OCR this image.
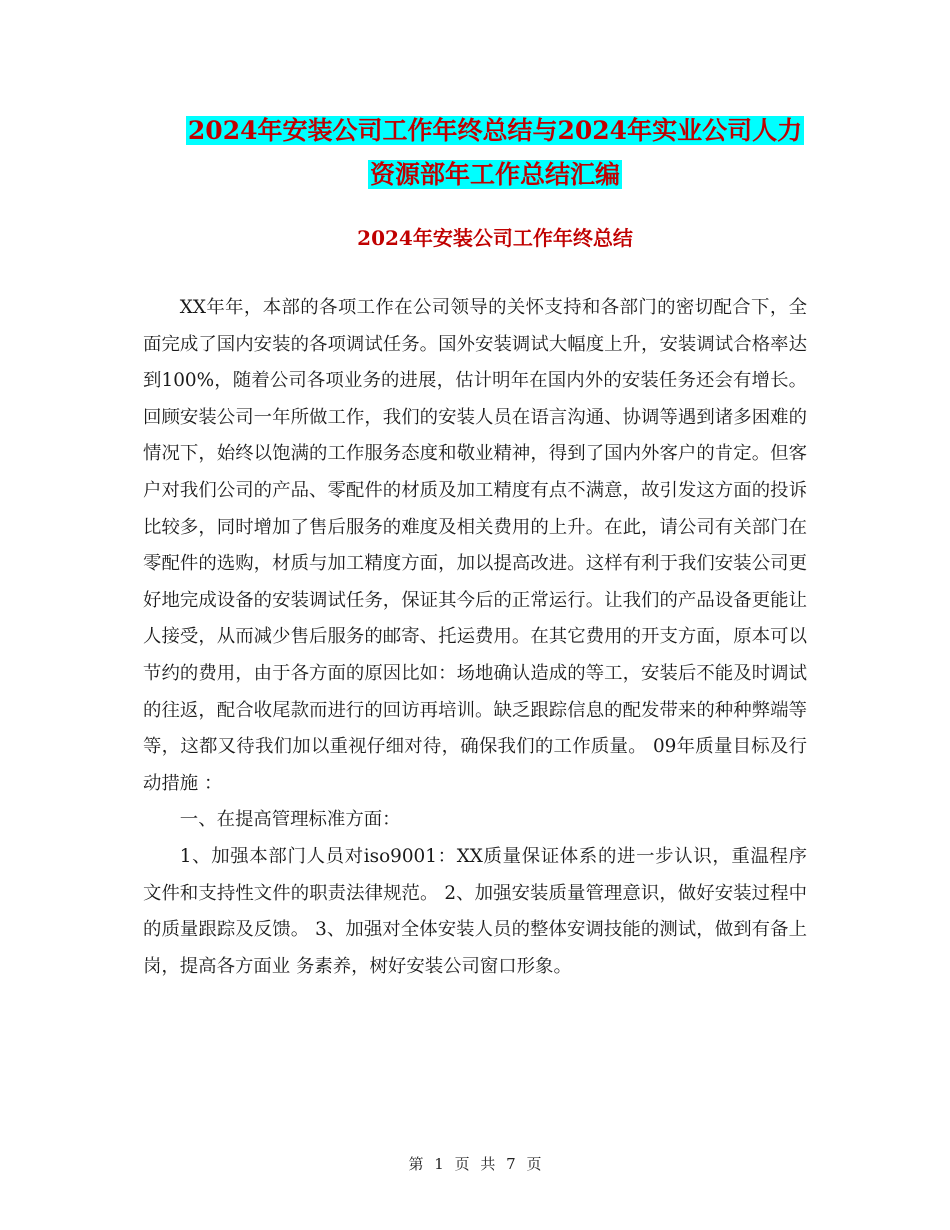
2024年安装公司工作年终总结与2024年实业公司人力
资源部年工作总结汇编
2024年安装公司工作年终总结

XX年年，本部的各项工作在公司领导的关怀支持和各部门的密切配合下，全面完成了国内安装的各项调试任务。国外安装调试大幅度上升，安装调试合格率达到100%，随着公司各项业务的进展，估计明年在国内外的安装任务还会有增长。 回顾安装公司一年所做工作，我们的安装人员在语言沟通、协调等遇到诸多困难的情况下，始终以饱满的工作服务态度和敬业精神，得到了国内外客户的肯定。但客户对我们公司的产品、零配件的材质及加工精度有点不满意，故引发这方面的投诉比较多，同时增加了售后服务的难度及相关费用的上升。在此，请公司有关部门在零配件的选购，材质与加工精度方面，加以提高改进。这样有利于我们安装公司更好地完成设备的安装调试任务，保证其今后的正常运行。让我们的产品设备更能让人接受，从而减少售后服务的邮寄、托运费用。在其它费用的开支方面，原本可以节约的费用，由于各方面的原因比如：场地确认造成的等工，安装后不能及时调试的往返，配合收尾款而进行的回访再培训。缺乏跟踪信息的配发带来的种种弊端等等，这都又待我们加以重视仔细对待，确保我们的工作质量。 09年质量目标及行动措施 ：

一、在提高管理标准方面：

1、加强本部门人员对iso9001：XX质量保证体系的进一步认识，重温程序 文件和支持性文件的职责法律规范。 2、加强安装质量管理意识，做好安装过程中的质量跟踪及反馈。 3、加强对全体安装人员的整体安调技能的测试，做到有备上岗，提高各方面业 务素养，树好安装公司窗口形象。

第 1 页 共 7 页
